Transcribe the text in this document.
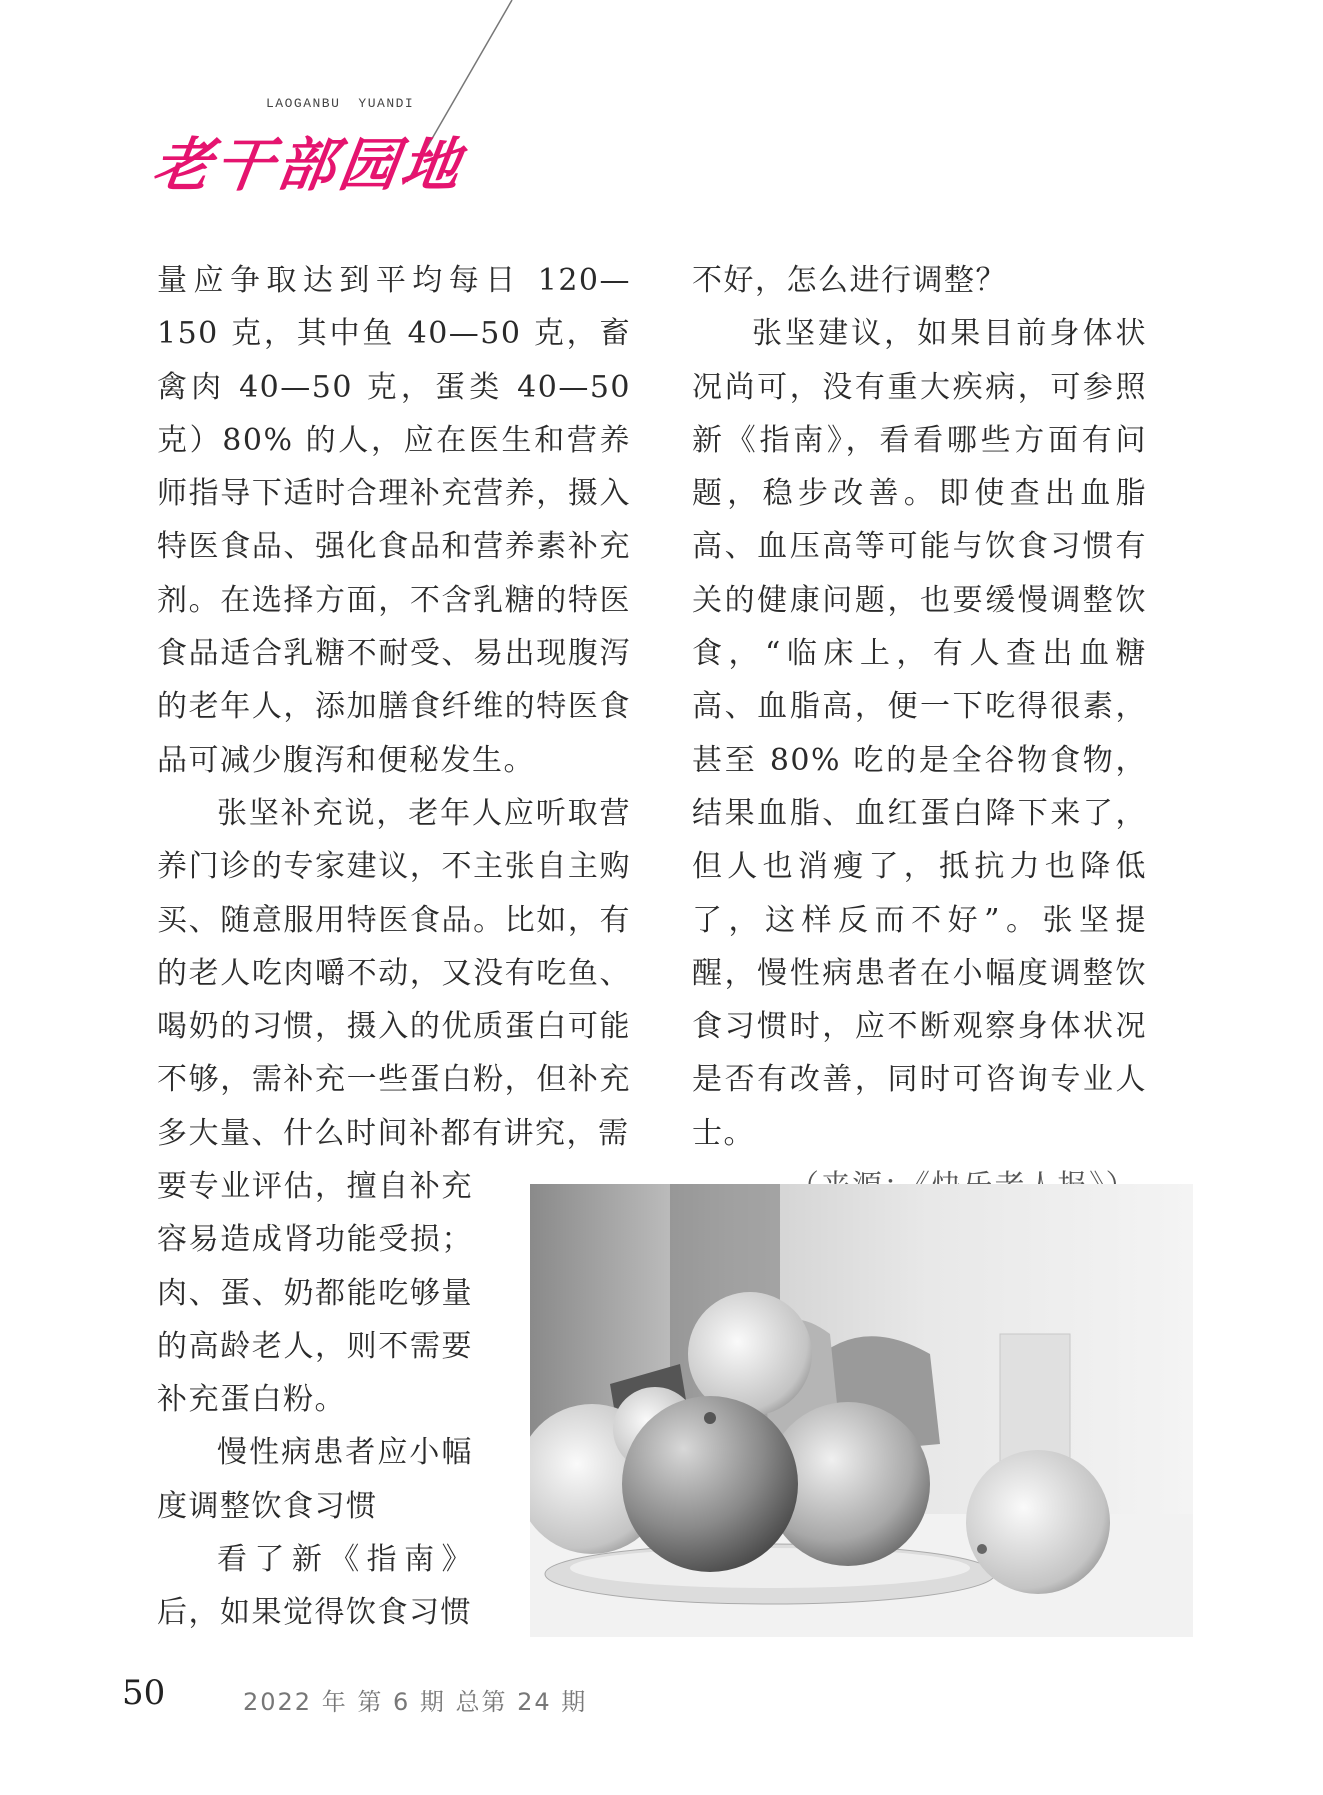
LAOGANBU YUANDI
老干部园地

量应争取达到平均每日 120—150 克，其中鱼 40—50 克，畜禽肉 40—50 克，蛋类 40—50 克）80% 的人，应在医生和营养师指导下适时合理补充营养，摄入特医食品、强化食品和营养素补充剂。在选择方面，不含乳糖的特医食品适合乳糖不耐受、易出现腹泻的老年人，添加膳食纤维的特医食品可减少腹泻和便秘发生。

张坚补充说，老年人应听取营养门诊的专家建议，不主张自主购买、随意服用特医食品。比如，有的老人吃肉嚼不动，又没有吃鱼、喝奶的习惯，摄入的优质蛋白可能不够，需补充一些蛋白粉，但补充多大量、什么时间补都有讲究，需

要专业评估，擅自补充容易造成肾功能受损；肉、蛋、奶都能吃够量的高龄老人，则不需要补充蛋白粉。

慢性病患者应小幅度调整饮食习惯

看了新《指南》后，如果觉得饮食习惯

不好，怎么进行调整？

张坚建议，如果目前身体状况尚可，没有重大疾病，可参照新《指南》，看看哪些方面有问题，稳步改善。即使查出血脂高、血压高等可能与饮食习惯有关的健康问题，也要缓慢调整饮食，“临床上，有人查出血糖高、血脂高，便一下吃得很素，甚至 80% 吃的是全谷物食物，结果血脂、血红蛋白降下来了，但人也消瘦了，抵抗力也降低了，这样反而不好”。张坚提醒，慢性病患者在小幅度调整饮食习惯时，应不断观察身体状况是否有改善，同时可咨询专业人士。

50	2022 年 第 6 期 总第 24 期
